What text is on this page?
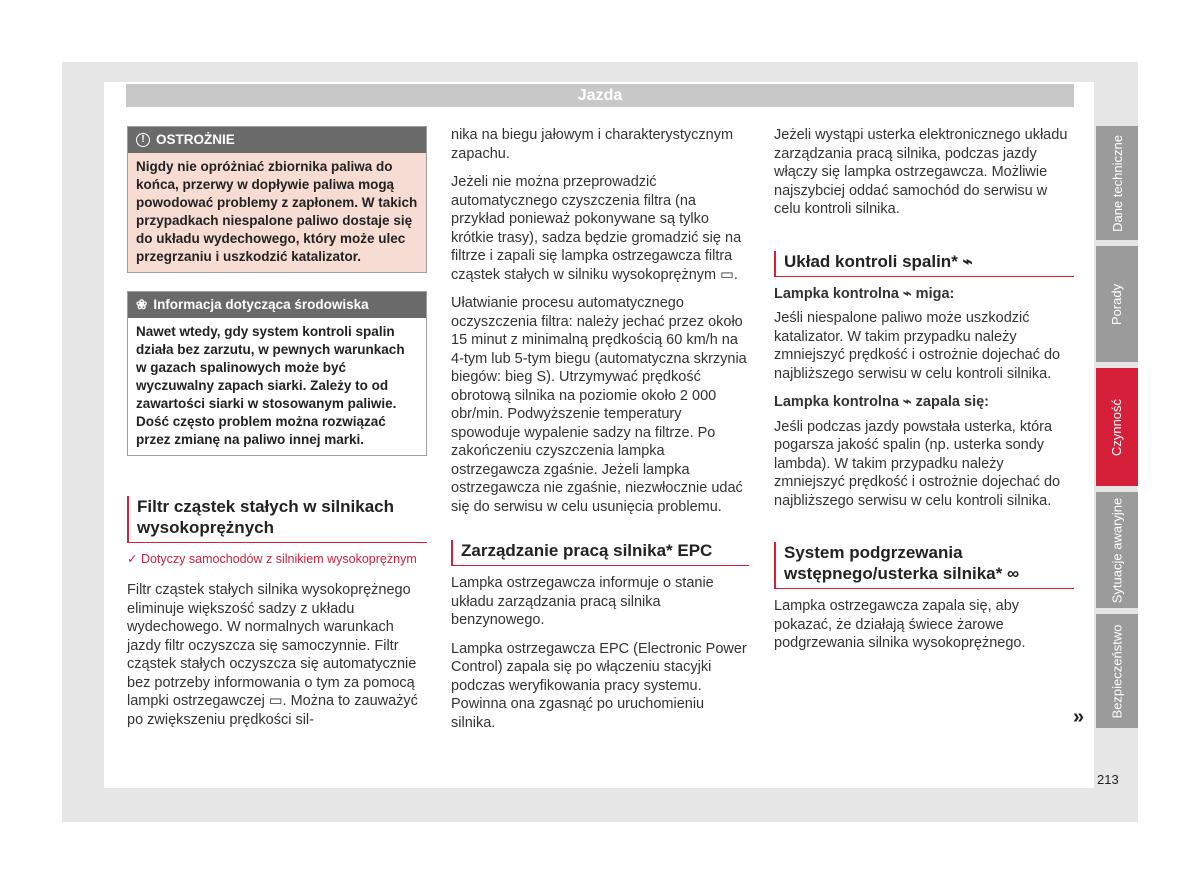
Jazda
! OSTROŻNIE
Nigdy nie opróżniać zbiornika paliwa do końca, przerwy w dopływie paliwa mogą powodować problemy z zapłonem. W takich przypadkach niespalone paliwo dostaje się do układu wydechowego, który może ulec przegrzaniu i uszkodzić katalizator.
❀ Informacja dotycząca środowiska
Nawet wtedy, gdy system kontroli spalin działa bez zarzutu, w pewnych warunkach w gazach spalinowych może być wyczuwalny zapach siarki. Zależy to od zawartości siarki w stosowanym paliwie. Dość często problem można rozwiązać przez zmianę na paliwo innej marki.
Filtr cząstek stałych w silnikach wysokoprężnych
✓ Dotyczy samochodów z silnikiem wysokoprężnym

Filtr cząstek stałych silnika wysokoprężnego eliminuje większość sadzy z układu wydechowego. W normalnych warunkach jazdy filtr oczyszcza się samoczynnie. Filtr cząstek stałych oczyszcza się automatycznie bez potrzeby informowania o tym za pomocą lampki ostrzegawczej ▭. Można to zauważyć po zwiększeniu prędkości sil-

nika na biegu jałowym i charakterystycznym zapachu.

Jeżeli nie można przeprowadzić automatycznego czyszczenia filtra (na przykład ponieważ pokonywane są tylko krótkie trasy), sadza będzie gromadzić się na filtrze i zapali się lampka ostrzegawcza filtra cząstek stałych w silniku wysokoprężnym ▭.

Ułatwianie procesu automatycznego oczyszczenia filtra: należy jechać przez około 15 minut z minimalną prędkością 60 km/h na 4-tym lub 5-tym biegu (automatyczna skrzynia biegów: bieg S). Utrzymywać prędkość obrotową silnika na poziomie około 2 000 obr/min. Podwyższenie temperatury spowoduje wypalenie sadzy na filtrze. Po zakończeniu czyszczenia lampka ostrzegawcza zgaśnie. Jeżeli lampka ostrzegawcza nie zgaśnie, niezwłocznie udać się do serwisu w celu usunięcia problemu.

Zarządzanie pracą silnika* EPC

Lampka ostrzegawcza informuje o stanie układu zarządzania pracą silnika benzynowego.

Lampka ostrzegawcza EPC (Electronic Power Control) zapala się po włączeniu stacyjki podczas weryfikowania pracy systemu. Powinna ona zgasnąć po uruchomieniu silnika.

Jeżeli wystąpi usterka elektronicznego układu zarządzania pracą silnika, podczas jazdy włączy się lampka ostrzegawcza. Możliwie najszybciej oddać samochód do serwisu w celu kontroli silnika.

Układ kontroli spalin* ⌁
Lampka kontrolna ⌁ miga:

Jeśli niespalone paliwo może uszkodzić katalizator. W takim przypadku należy zmniejszyć prędkość i ostrożnie dojechać do najbliższego serwisu w celu kontroli silnika.

Lampka kontrolna ⌁ zapala się:

Jeśli podczas jazdy powstała usterka, która pogarsza jakość spalin (np. usterka sondy lambda). W takim przypadku należy zmniejszyć prędkość i ostrożnie dojechać do najbliższego serwisu w celu kontroli silnika.

System podgrzewania wstępnego/usterka silnika* ∞

Lampka ostrzegawcza zapala się, aby pokazać, że działają świece żarowe podgrzewania silnika wysokoprężnego.

»
Dane techniczne
Porady
Czynność
Sytuacje awaryjne
Bezpieczeństwo
213
